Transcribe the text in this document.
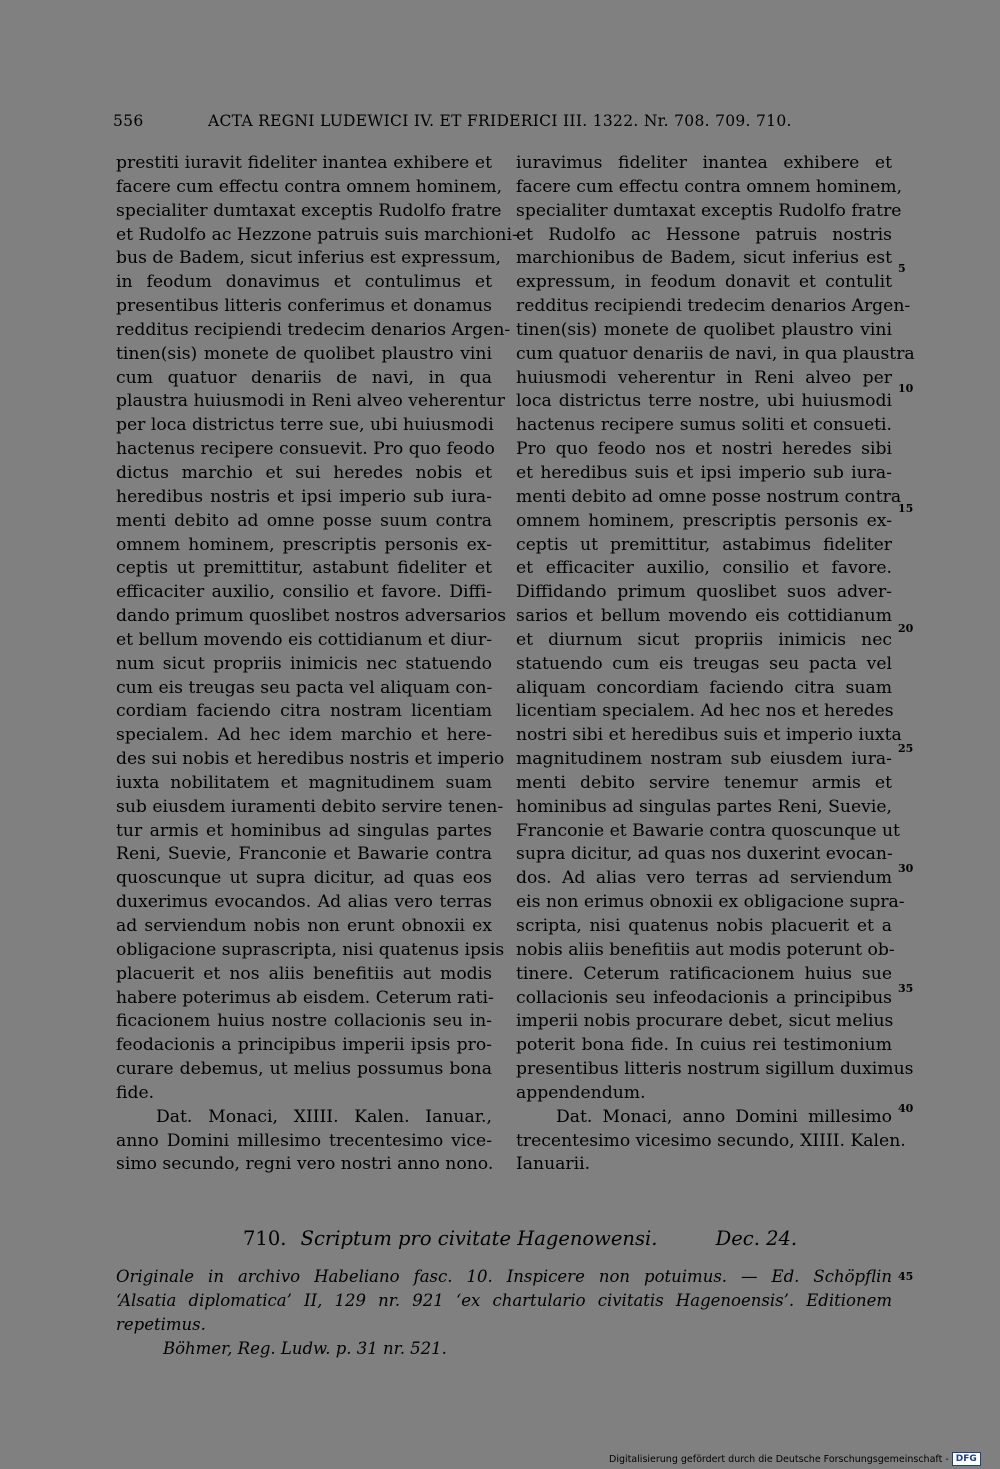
556	ACTA REGNI LUDEWICI IV. ET FRIDERICI III. 1322. Nr. 708. 709. 710.
prestiti iuravit fideliter inantea exhibere et
facere cum effectu contra omnem hominem,
specialiter dumtaxat exceptis Rudolfo fratre
et Rudolfo ac Hezzone patruis suis marchioni-
bus de Badem, sicut inferius est expressum,
in feodum donavimus et contulimus et
presentibus litteris conferimus et donamus
redditus recipiendi tredecim denarios Argen-
tinen(sis) monete de quolibet plaustro vini
cum quatuor denariis de navi, in qua
plaustra huiusmodi in Reni alveo veherentur
per loca districtus terre sue, ubi huiusmodi
hactenus recipere consuevit. Pro quo feodo
dictus marchio et sui heredes nobis et
heredibus nostris et ipsi imperio sub iura-
menti debito ad omne posse suum contra
omnem hominem, prescriptis personis ex-
ceptis ut premittitur, astabunt fideliter et
efficaciter auxilio, consilio et favore. Diffi-
dando primum quoslibet nostros adversarios
et bellum movendo eis cottidianum et diur-
num sicut propriis inimicis nec statuendo
cum eis treugas seu pacta vel aliquam con-
cordiam faciendo citra nostram licentiam
specialem. Ad hec idem marchio et here-
des sui nobis et heredibus nostris et imperio
iuxta nobilitatem et magnitudinem suam
sub eiusdem iuramenti debito servire tenen-
tur armis et hominibus ad singulas partes
Reni, Suevie, Franconie et Bawarie contra
quoscunque ut supra dicitur, ad quas eos
duxerimus evocandos. Ad alias vero terras
ad serviendum nobis non erunt obnoxii ex
obligacione suprascripta, nisi quatenus ipsis
placuerit et nos aliis benefitiis aut modis
habere poterimus ab eisdem. Ceterum rati-
ficacionem huius nostre collacionis seu in-
feodacionis a principibus imperii ipsis pro-
curare debemus, ut melius possumus bona
fide.
Dat. Monaci, XIIII. Kalen. Ianuar.,
anno Domini millesimo trecentesimo vice-
simo secundo, regni vero nostri anno nono.
iuravimus fideliter inantea exhibere et
facere cum effectu contra omnem hominem,
specialiter dumtaxat exceptis Rudolfo fratre
et Rudolfo ac Hessone patruis nostris
marchionibus de Badem, sicut inferius est
expressum, in feodum donavit et contulit
redditus recipiendi tredecim denarios Argen-
tinen(sis) monete de quolibet plaustro vini
cum quatuor denariis de navi, in qua plaustra
huiusmodi veherentur in Reni alveo per
loca districtus terre nostre, ubi huiusmodi
hactenus recipere sumus soliti et consueti.
Pro quo feodo nos et nostri heredes sibi
et heredibus suis et ipsi imperio sub iura-
menti debito ad omne posse nostrum contra
omnem hominem, prescriptis personis ex-
ceptis ut premittitur, astabimus fideliter
et efficaciter auxilio, consilio et favore.
Diffidando primum quoslibet suos adver-
sarios et bellum movendo eis cottidianum
et diurnum sicut propriis inimicis nec
statuendo cum eis treugas seu pacta vel
aliquam concordiam faciendo citra suam
licentiam specialem. Ad hec nos et heredes
nostri sibi et heredibus suis et imperio iuxta
magnitudinem nostram sub eiusdem iura-
menti debito servire tenemur armis et
hominibus ad singulas partes Reni, Suevie,
Franconie et Bawarie contra quoscunque ut
supra dicitur, ad quas nos duxerint evocan-
dos. Ad alias vero terras ad serviendum
eis non erimus obnoxii ex obligacione supra-
scripta, nisi quatenus nobis placuerit et a
nobis aliis benefitiis aut modis poterunt ob-
tinere. Ceterum ratificacionem huius sue
collacionis seu infeodacionis a principibus
imperii nobis procurare debet, sicut melius
poterit bona fide. In cuius rei testimonium
presentibus litteris nostrum sigillum duximus
appendendum.
Dat. Monaci, anno Domini millesimo
trecentesimo vicesimo secundo, XIIII. Kalen.
Ianuarii.
5
10
15
20
25
30
35
40
45
710. Scriptum pro civitate Hagenowensi.	Dec. 24.
Originale in archivo Habeliano fasc. 10. Inspicere non potuimus. — Ed. Schöpflin
‘Alsatia diplomatica’ II, 129 nr. 921 ‘ex chartulario civitatis Hagenoensis’. Editionem
repetimus.
Böhmer, Reg. Ludw. p. 31 nr. 521.
Digitalisierung gefördert durch die Deutsche Forschungsgemeinschaft - DFG
